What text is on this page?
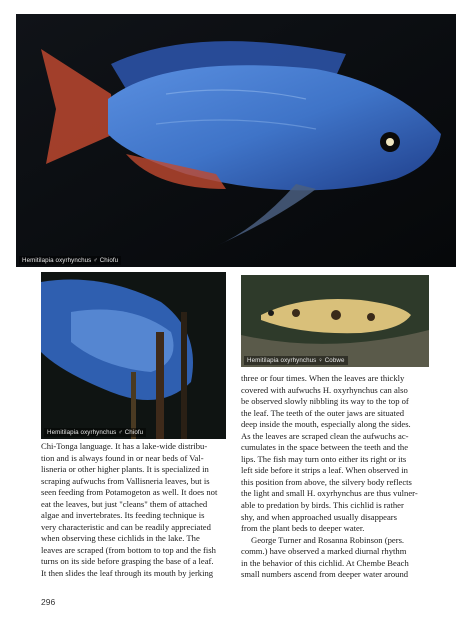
Hemitilapia oxyrhynchus ♂ Chiofu
Hemitilapia oxyrhynchus ♂ Chiofu
Hemitilapia oxyrhynchus ♀ Cobwe

Chi-Tonga language. It has a lake-wide distribu-

tion and is always found in or near beds of Val-

lisneria or other higher plants. It is specialized in

scraping aufwuchs from Vallisneria leaves, but is

seen feeding from Potamogeton as well. It does not

eat the leaves, but just "cleans" them of attached

algae and invertebrates. Its feeding technique is

very characteristic and can be readily appreciated

when observing these cichlids in the lake. The

leaves are scraped (from bottom to top and the fish

turns on its side before grasping the base of a leaf.

It then slides the leaf through its mouth by jerking

three or four times. When the leaves are thickly

covered with aufwuchs H. oxyrhynchus can also

be observed slowly nibbling its way to the top of

the leaf. The teeth of the outer jaws are situated

deep inside the mouth, especially along the sides.

As the leaves are scraped clean the aufwuchs ac-

cumulates in the space between the teeth and the

lips. The fish may turn onto either its right or its

left side before it strips a leaf. When observed in

this position from above, the silvery body reflects

the light and small H. oxyrhynchus are thus vulner-

able to predation by birds. This cichlid is rather

shy, and when approached usually disappears

from the plant beds to deeper water.

George Turner and Rosanna Robinson (pers.

comm.) have observed a marked diurnal rhythm

in the behavior of this cichlid. At Chembe Beach

small numbers ascend from deeper water around

296
